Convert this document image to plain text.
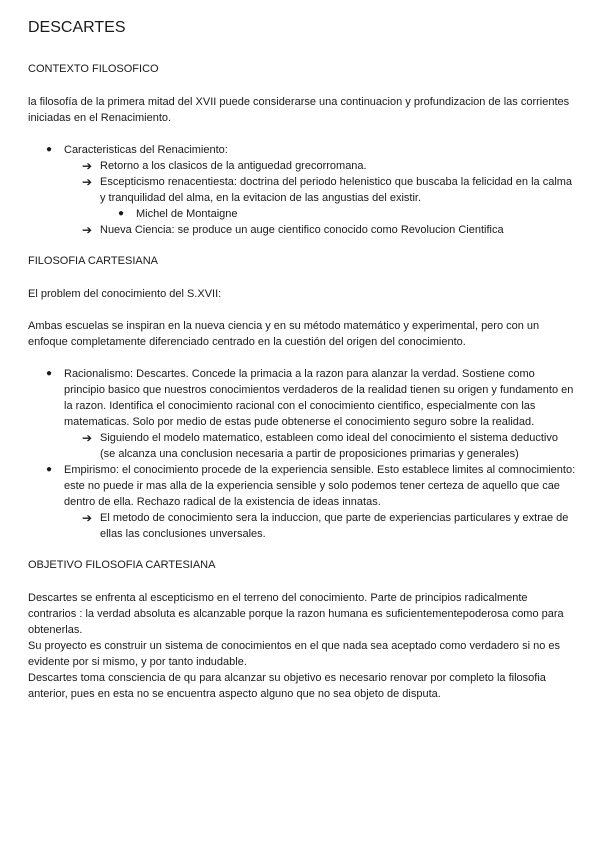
DESCARTES
CONTEXTO FILOSOFICO

la filosofía de la primera mitad del XVII puede considerarse una continuacion y profundizacion de las corrientes iniciadas en el Renacimiento.

● Caracteristicas del Renacimiento:
➔ Retorno a los clasicos de la antiguedad grecorromana.
➔ Escepticismo renacentiesta: doctrina del periodo helenistico que buscaba la felicidad en la calma y tranquilidad del alma, en la evitacion de las angustias del existir.
● Michel de Montaigne
➔ Nueva Ciencia: se produce un auge cientifico conocido como Revolucion Cientifica
FILOSOFIA CARTESIANA

El problem del conocimiento del S.XVII:

Ambas escuelas se inspiran en la nueva ciencia y en su método matemático y experimental, pero con un enfoque completamente diferenciado centrado en la cuestión del origen del conocimiento.

● Racionalismo: Descartes. Concede la primacia a la razon para alanzar la verdad. Sostiene como principio basico que nuestros conocimientos verdaderos de la realidad tienen su origen y fundamento en la razon. Identifica el conocimiento racional con el conocimiento cientifico, especialmente con las matematicas. Solo por medio de estas pude obtenerse el conocimiento seguro sobre la realidad.
➔ Siguiendo el modelo matematico, estableen como ideal del conocimiento el sistema deductivo (se alcanza una conclusion necesaria a partir de proposiciones primarias y generales)
● Empirismo: el conocimiento procede de la experiencia sensible. Esto establece limites al comnocimiento: este no puede ir mas alla de la experiencia sensible y solo podemos tener certeza de aquello que cae dentro de ella. Rechazo radical de la existencia de ideas innatas.
➔ El metodo de conocimiento sera la induccion, que parte de experiencias particulares y extrae de ellas las conclusiones unversales.
OBJETIVO FILOSOFIA CARTESIANA

Descartes se enfrenta al escepticismo en el terreno del conocimiento. Parte de principios radicalmente contrarios : la verdad absoluta es alcanzable porque la razon humana es suficientementepoderosa como para obtenerlas.

Su proyecto es construir un sistema de conocimientos en el que nada sea aceptado como verdadero si no es evidente por si mismo, y por tanto indudable.

Descartes toma consciencia de qu para alcanzar su objetivo es necesario renovar por completo la filosofia anterior, pues en esta no se encuentra aspecto alguno que no sea objeto de disputa.
